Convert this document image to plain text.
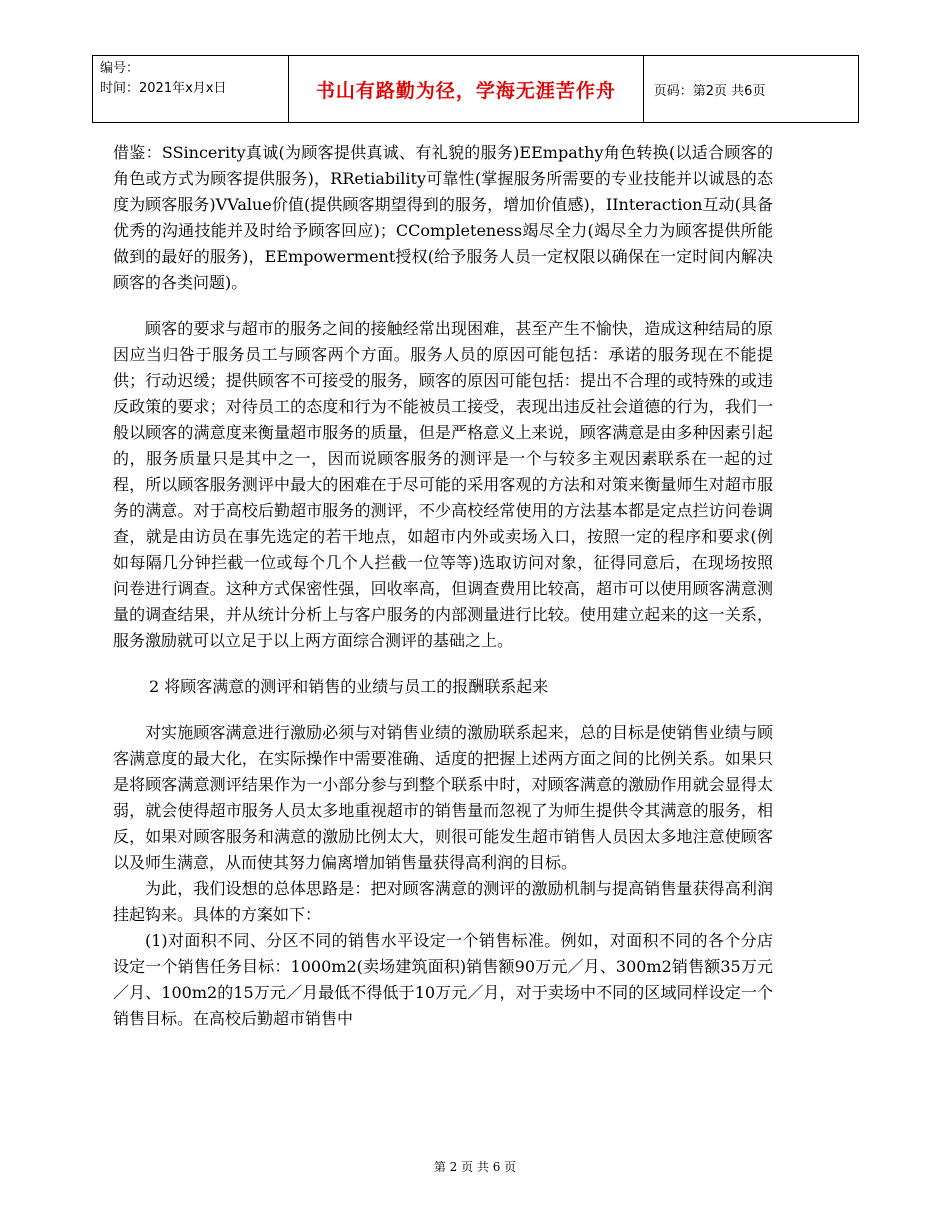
编号：
时间：2021年x月x日	书山有路勤为径，学海无涯苦作舟	页码：第2页 共6页

借鉴：SSincerity真诚(为顾客提供真诚、有礼貌的服务)EEmpathy角色转换(以适合顾客的角色或方式为顾客提供服务)，RRetiability可靠性(掌握服务所需要的专业技能并以诚恳的态度为顾客服务)VValue价值(提供顾客期望得到的服务，增加价值感)，IInteraction互动(具备优秀的沟通技能并及时给予顾客回应)；CCompleteness竭尽全力(竭尽全力为顾客提供所能做到的最好的服务)，EEmpowerment授权(给予服务人员一定权限以确保在一定时间内解决顾客的各类问题)。

顾客的要求与超市的服务之间的接触经常出现困难，甚至产生不愉快，造成这种结局的原因应当归咎于服务员工与顾客两个方面。服务人员的原因可能包括：承诺的服务现在不能提供；行动迟缓；提供顾客不可接受的服务，顾客的原因可能包括：提出不合理的或特殊的或违反政策的要求；对待员工的态度和行为不能被员工接受，表现出违反社会道德的行为，我们一般以顾客的满意度来衡量超市服务的质量，但是严格意义上来说，顾客满意是由多种因素引起的，服务质量只是其中之一，因而说顾客服务的测评是一个与较多主观因素联系在一起的过程，所以顾客服务测评中最大的困难在于尽可能的采用客观的方法和对策来衡量师生对超市服务的满意。对于高校后勤超市服务的测评，不少高校经常使用的方法基本都是定点拦访问卷调查，就是由访员在事先选定的若干地点，如超市内外或卖场入口，按照一定的程序和要求(例如每隔几分钟拦截一位或每个几个人拦截一位等等)选取访问对象，征得同意后，在现场按照问卷进行调查。这种方式保密性强，回收率高，但调查费用比较高，超市可以使用顾客满意测量的调查结果，并从统计分析上与客户服务的内部测量进行比较。使用建立起来的这一关系，服务激励就可以立足于以上两方面综合测评的基础之上。

2 将顾客满意的测评和销售的业绩与员工的报酬联系起来

对实施顾客满意进行激励必须与对销售业绩的激励联系起来，总的目标是使销售业绩与顾客满意度的最大化，在实际操作中需要准确、适度的把握上述两方面之间的比例关系。如果只是将顾客满意测评结果作为一小部分参与到整个联系中时，对顾客满意的激励作用就会显得太弱，就会使得超市服务人员太多地重视超市的销售量而忽视了为师生提供令其满意的服务，相反，如果对顾客服务和满意的激励比例太大，则很可能发生超市销售人员因太多地注意使顾客以及师生满意，从而使其努力偏离增加销售量获得高利润的目标。

为此，我们设想的总体思路是：把对顾客满意的测评的激励机制与提高销售量获得高利润挂起钩来。具体的方案如下：

(1)对面积不同、分区不同的销售水平设定一个销售标准。例如，对面积不同的各个分店设定一个销售任务目标：1000m2(卖场建筑面积)销售额90万元／月、300m2销售额35万元／月、100m2的15万元／月最低不得低于10万元／月，对于卖场中不同的区域同样设定一个销售目标。在高校后勤超市销售中

第 2 页 共 6 页
